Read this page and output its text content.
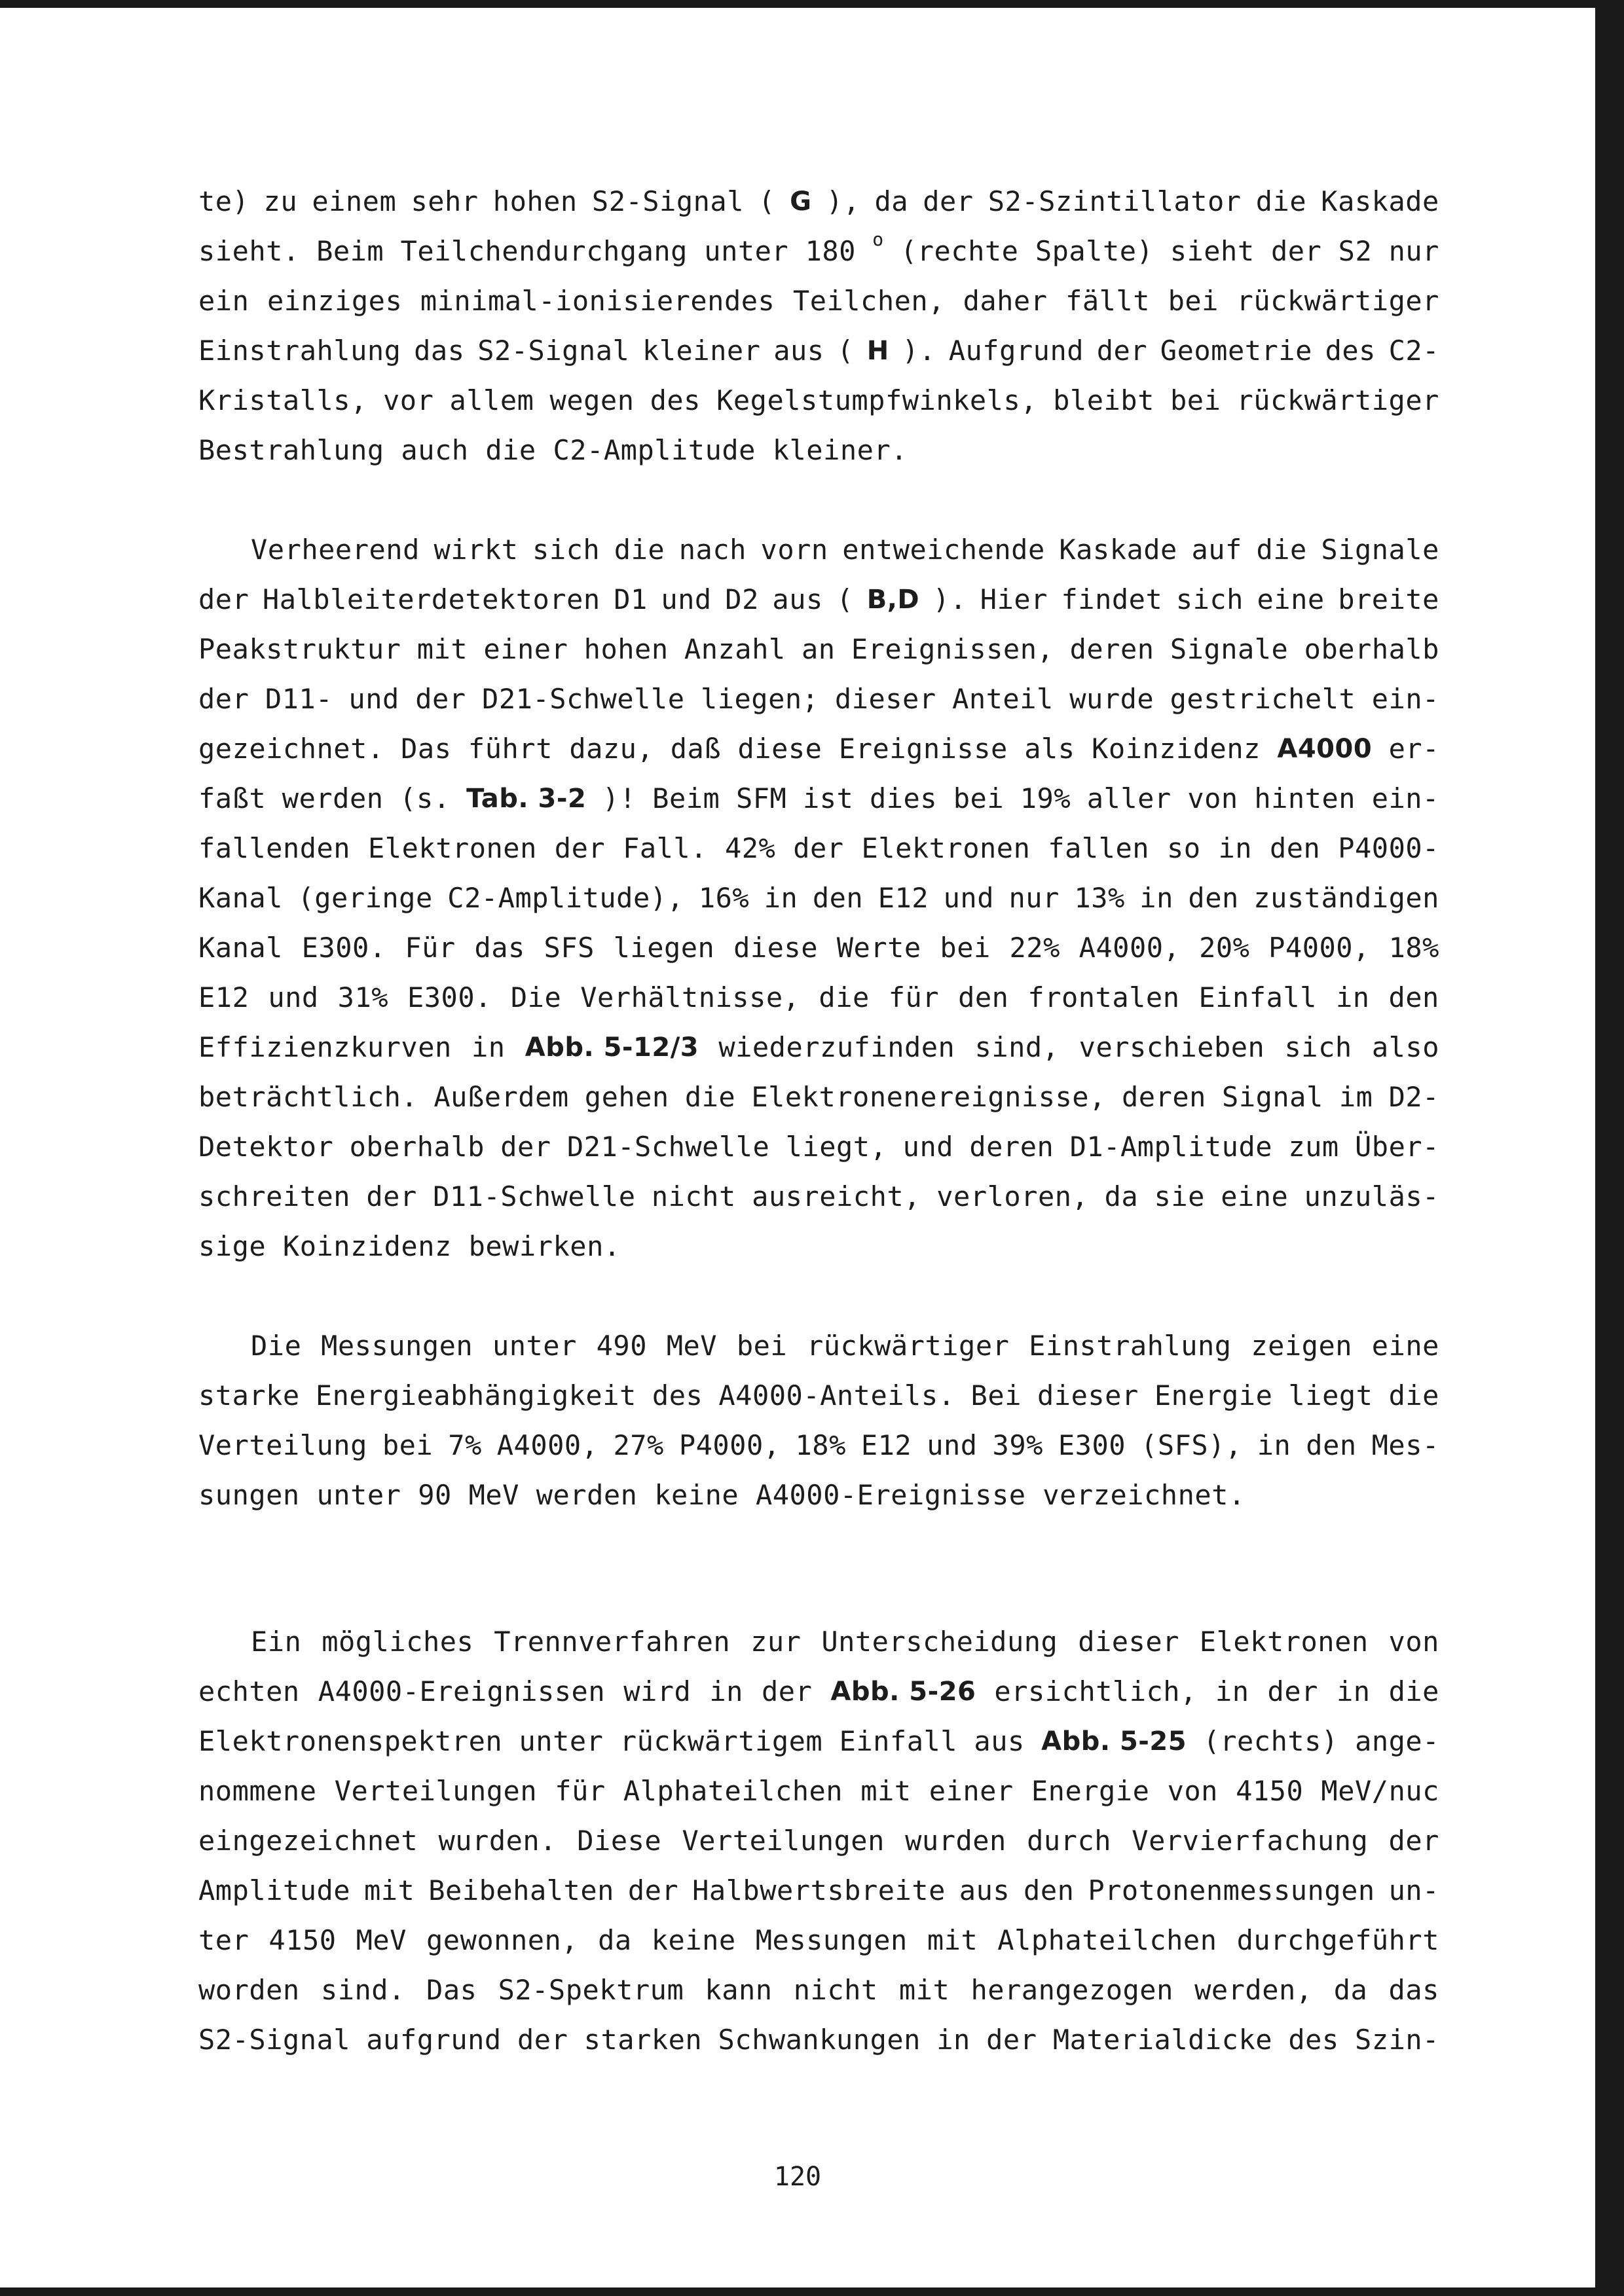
te) zu einem sehr hohen S2-Signal ( G ), da der S2-Szintillator die Kaskade
sieht. Beim Teilchendurchgang unter 180 o (rechte Spalte) sieht der S2 nur
ein einziges minimal-ionisierendes Teilchen, daher fällt bei rückwärtiger
Einstrahlung das S2-Signal kleiner aus ( H ). Aufgrund der Geometrie des C2-
Kristalls, vor allem wegen des Kegelstumpfwinkels, bleibt bei rückwärtiger
Bestrahlung auch die C2-Amplitude kleiner.
Verheerend wirkt sich die nach vorn entweichende Kaskade auf die Signale
der Halbleiterdetektoren D1 und D2 aus ( B,D ). Hier findet sich eine breite
Peakstruktur mit einer hohen Anzahl an Ereignissen, deren Signale oberhalb
der D11- und der D21-Schwelle liegen; dieser Anteil wurde gestrichelt ein-
gezeichnet. Das führt dazu, daß diese Ereignisse als Koinzidenz A4000 er-
faßt werden (s. Tab. 3-2 )! Beim SFM ist dies bei 19% aller von hinten ein-
fallenden Elektronen der Fall. 42% der Elektronen fallen so in den P4000-
Kanal (geringe C2-Amplitude), 16% in den E12 und nur 13% in den zuständigen
Kanal E300. Für das SFS liegen diese Werte bei 22% A4000, 20% P4000, 18%
E12 und 31% E300. Die Verhältnisse, die für den frontalen Einfall in den
Effizienzkurven in Abb. 5-12/3 wiederzufinden sind, verschieben sich also
beträchtlich. Außerdem gehen die Elektronenereignisse, deren Signal im D2-
Detektor oberhalb der D21-Schwelle liegt, und deren D1-Amplitude zum Über-
schreiten der D11-Schwelle nicht ausreicht, verloren, da sie eine unzuläs-
sige Koinzidenz bewirken.
Die Messungen unter 490 MeV bei rückwärtiger Einstrahlung zeigen eine
starke Energieabhängigkeit des A4000-Anteils. Bei dieser Energie liegt die
Verteilung bei 7% A4000, 27% P4000, 18% E12 und 39% E300 (SFS), in den Mes-
sungen unter 90 MeV werden keine A4000-Ereignisse verzeichnet.
Ein mögliches Trennverfahren zur Unterscheidung dieser Elektronen von
echten A4000-Ereignissen wird in der Abb. 5-26 ersichtlich, in der in die
Elektronenspektren unter rückwärtigem Einfall aus Abb. 5-25 (rechts) ange-
nommene Verteilungen für Alphateilchen mit einer Energie von 4150 MeV/nuc
eingezeichnet wurden. Diese Verteilungen wurden durch Vervierfachung der
Amplitude mit Beibehalten der Halbwertsbreite aus den Protonenmessungen un-
ter 4150 MeV gewonnen, da keine Messungen mit Alphateilchen durchgeführt
worden sind. Das S2-Spektrum kann nicht mit herangezogen werden, da das
S2-Signal aufgrund der starken Schwankungen in der Materialdicke des Szin-
120
